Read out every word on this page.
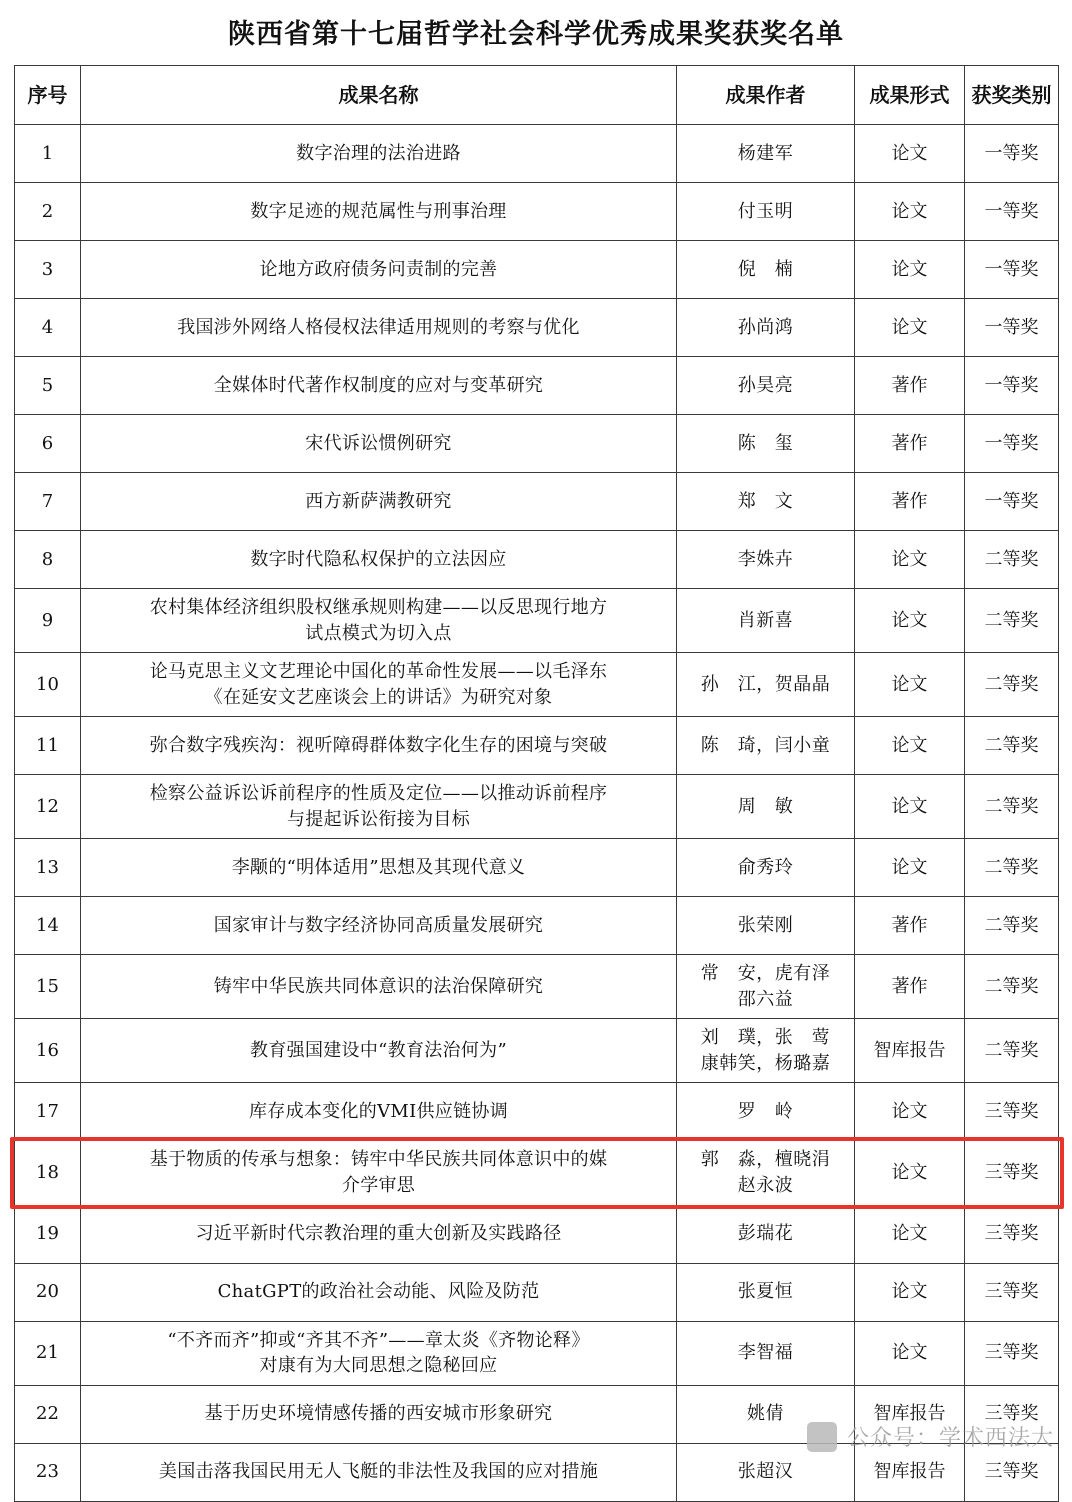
陕西省第十七届哲学社会科学优秀成果奖获奖名单
序号	成果名称	成果作者	成果形式	获奖类别
1	数字治理的法治进路	杨建军	论文	一等奖
2	数字足迹的规范属性与刑事治理	付玉明	论文	一等奖
3	论地方政府债务问责制的完善	倪　楠	论文	一等奖
4	我国涉外网络人格侵权法律适用规则的考察与优化	孙尚鸿	论文	一等奖
5	全媒体时代著作权制度的应对与变革研究	孙昊亮	著作	一等奖
6	宋代诉讼惯例研究	陈　玺	著作	一等奖
7	西方新萨满教研究	郑　文	著作	一等奖
8	数字时代隐私权保护的立法因应	李姝卉	论文	二等奖
9	农村集体经济组织股权继承规则构建——以反思现行地方
试点模式为切入点	肖新喜	论文	二等奖
10	论马克思主义文艺理论中国化的革命性发展——以毛泽东
《在延安文艺座谈会上的讲话》为研究对象	孙　江，贺晶晶	论文	二等奖
11	弥合数字残疾沟：视听障碍群体数字化生存的困境与突破	陈　琦，闫小童	论文	二等奖
12	检察公益诉讼诉前程序的性质及定位——以推动诉前程序
与提起诉讼衔接为目标	周　敏	论文	二等奖
13	李颙的“明体适用”思想及其现代意义	俞秀玲	论文	二等奖
14	国家审计与数字经济协同高质量发展研究	张荣刚	著作	二等奖
15	铸牢中华民族共同体意识的法治保障研究	常　安，虎有泽
邵六益	著作	二等奖
16	教育强国建设中“教育法治何为”	刘　璞，张　莺
康韩笑，杨璐嘉	智库报告	二等奖
17	库存成本变化的VMI供应链协调	罗　岭	论文	三等奖
18	基于物质的传承与想象：铸牢中华民族共同体意识中的媒
介学审思	郭　淼，檀晓涓
赵永波	论文	三等奖
19	习近平新时代宗教治理的重大创新及实践路径	彭瑞花	论文	三等奖
20	ChatGPT的政治社会动能、风险及防范	张夏恒	论文	三等奖
21	“不齐而齐”抑或“齐其不齐”——章太炎《齐物论释》
对康有为大同思想之隐秘回应	李智福	论文	三等奖
22	基于历史环境情感传播的西安城市形象研究	姚倩	智库报告	三等奖
23	美国击落我国民用无人飞艇的非法性及我国的应对措施	张超汉	智库报告	三等奖
公众号：学术西法大
